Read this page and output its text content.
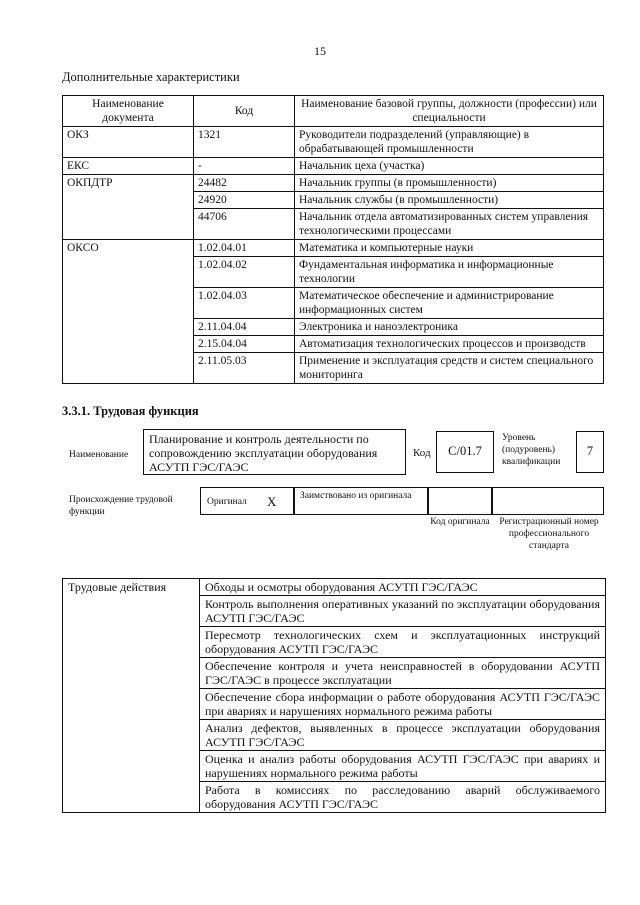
15
Дополнительные характеристики
Наименование документа	Код	Наименование базовой группы, должности (профессии) или специальности
ОКЗ	1321	Руководители подразделений (управляющие) в обрабатывающей промышленности
ЕКС	-	Начальник цеха (участка)
ОКПДТР	24482	Начальник группы (в промышленности)
	24920	Начальник службы (в промышленности)
	44706	Начальник отдела автоматизированных систем управления технологическими процессами
ОКСО	1.02.04.01	Математика и компьютерные науки
	1.02.04.02	Фундаментальная информатика и информационные технологии
	1.02.04.03	Математическое обеспечение и администрирование информационных систем
	2.11.04.04	Электроника и наноэлектроника
	2.15.04.04	Автоматизация технологических процессов и производств
	2.11.05.03	Применение и эксплуатация средств и систем специального мониторинга
3.3.1. Трудовая функция
Наименование
Планирование и контроль деятельности по сопровождению эксплуатации оборудования АСУТП ГЭС/ГАЭС
Код	C/01.7
Уровень (подуровень) квалификации
7
Происхождение трудовой функции
Оригинал X	Заимствовано из оригинала
Код оригинала	Регистрационный номер профессионального стандарта
Трудовые действия	Обходы и осмотры оборудования АСУТП ГЭС/ГАЭС
Контроль выполнения оперативных указаний по эксплуатации оборудования АСУТП ГЭС/ГАЭС
Пересмотр технологических схем и эксплуатационных инструкций оборудования АСУТП ГЭС/ГАЭС
Обеспечение контроля и учета неисправностей в оборудовании АСУТП ГЭС/ГАЭС в процессе эксплуатации
Обеспечение сбора информации о работе оборудования АСУТП ГЭС/ГАЭС при авариях и нарушениях нормального режима работы
Анализ дефектов, выявленных в процессе эксплуатации оборудования АСУТП ГЭС/ГАЭС
Оценка и анализ работы оборудования АСУТП ГЭС/ГАЭС при авариях и нарушениях нормального режима работы
Работа в комиссиях по расследованию аварий обслуживаемого оборудования АСУТП ГЭС/ГАЭС
